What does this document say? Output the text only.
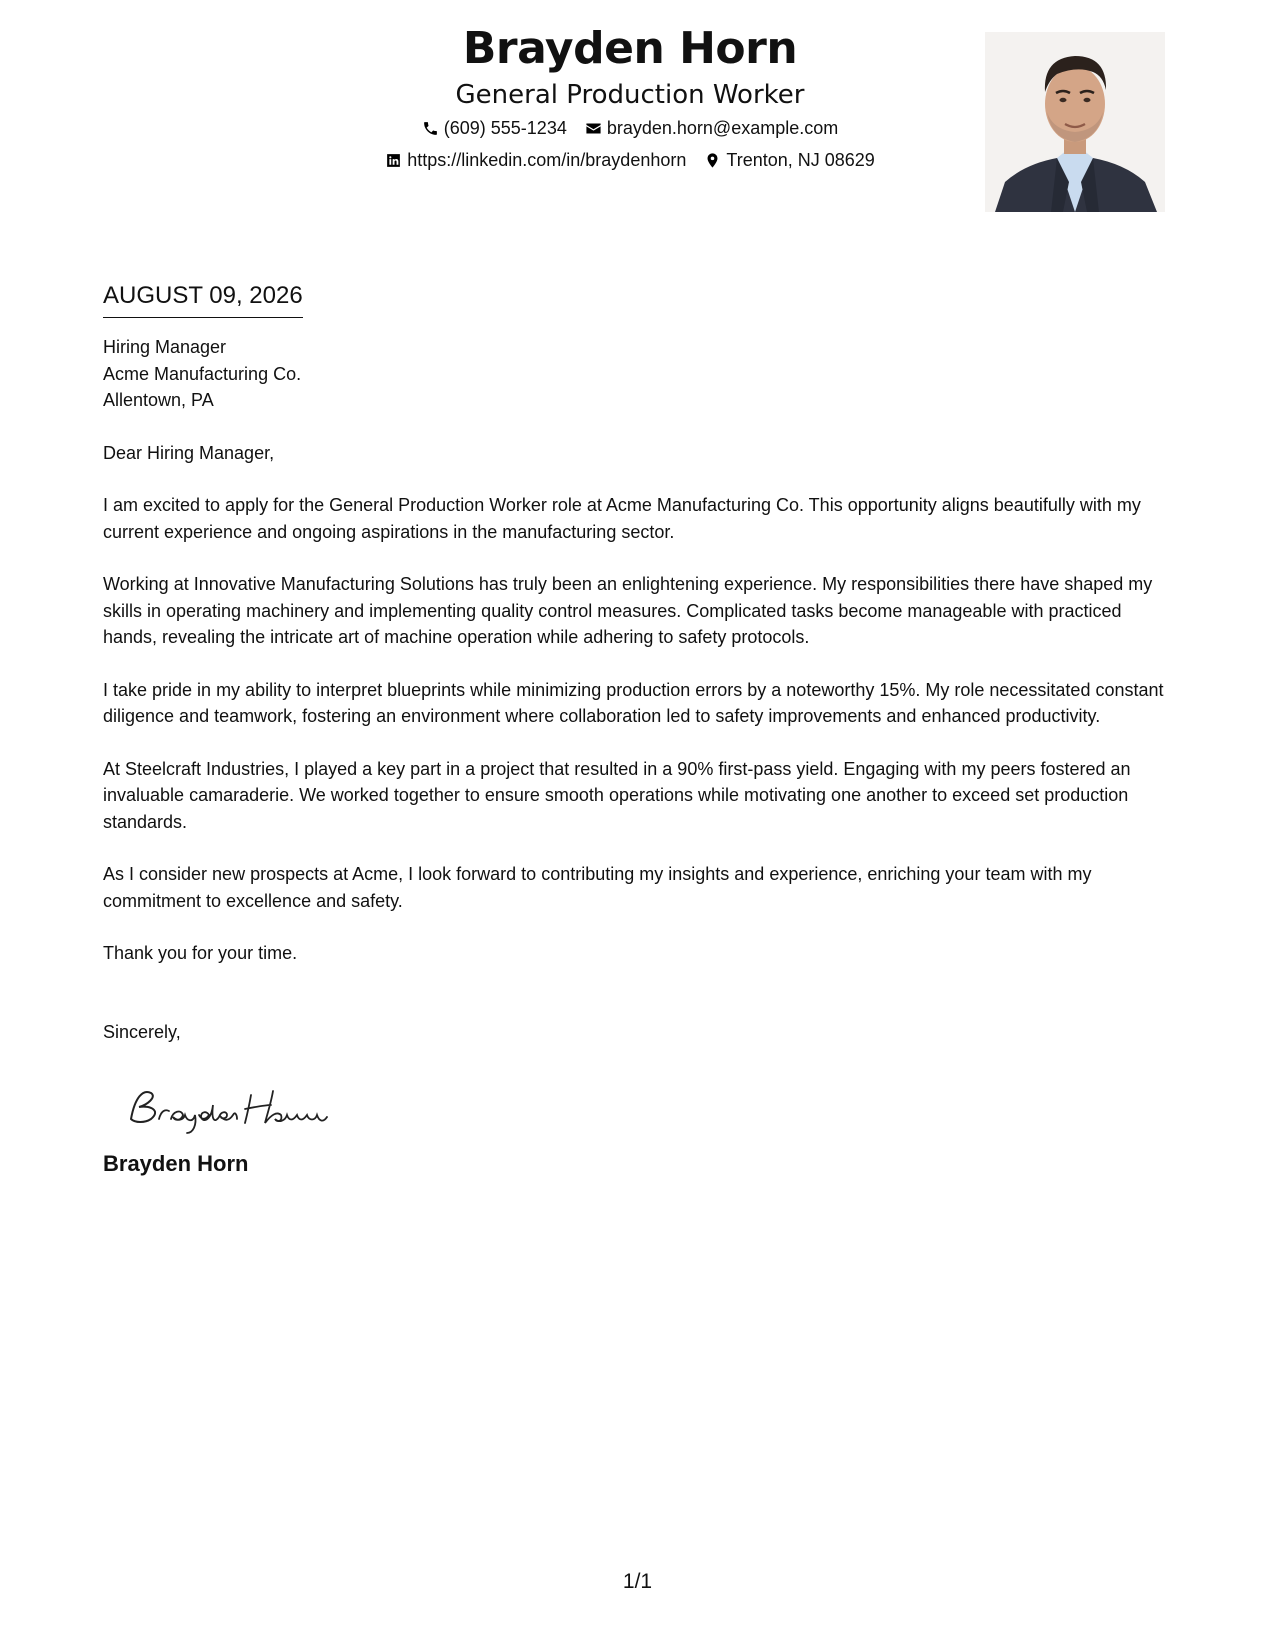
Brayden Horn
General Production Worker
(609) 555-1234 brayden.horn@example.com
https://linkedin.com/in/braydenhorn Trenton, NJ 08629
AUGUST 09, 2026
Hiring Manager
Acme Manufacturing Co.
Allentown, PA

Dear Hiring Manager,

I am excited to apply for the General Production Worker role at Acme Manufacturing Co. This opportunity aligns beautifully with my current experience and ongoing aspirations in the manufacturing sector.

Working at Innovative Manufacturing Solutions has truly been an enlightening experience. My responsibilities there have shaped my skills in operating machinery and implementing quality control measures. Complicated tasks become manageable with practiced hands, revealing the intricate art of machine operation while adhering to safety protocols.

I take pride in my ability to interpret blueprints while minimizing production errors by a noteworthy 15%. My role necessitated constant diligence and teamwork, fostering an environment where collaboration led to safety improvements and enhanced productivity.

At Steelcraft Industries, I played a key part in a project that resulted in a 90% first-pass yield. Engaging with my peers fostered an invaluable camaraderie. We worked together to ensure smooth operations while motivating one another to exceed set production standards.

As I consider new prospects at Acme, I look forward to contributing my insights and experience, enriching your team with my commitment to excellence and safety.

Thank you for your time.

Sincerely,
Brayden Horn
1/1
